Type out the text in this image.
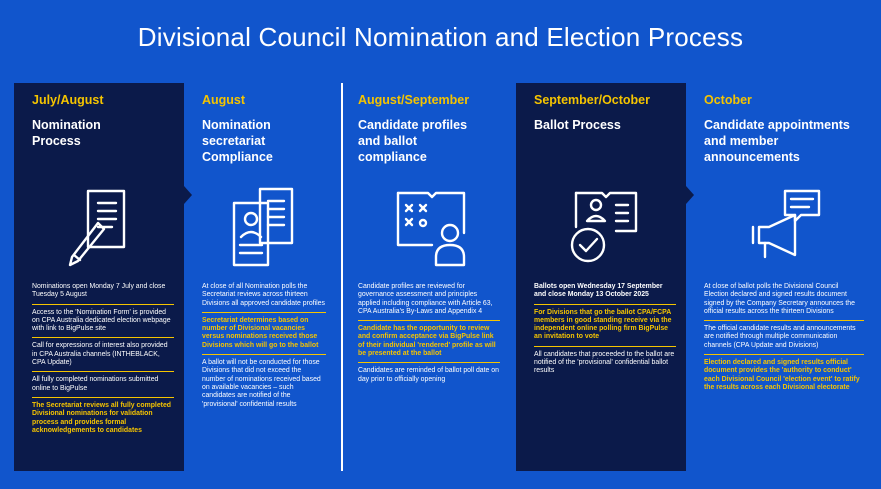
Divisional Council Nomination and Election Process
July/August
Nomination Process

Nominations open Monday 7 July and close Tuesday 5 August

Access to the 'Nomination Form' is provided on CPA Australia dedicated election webpage with link to BigPulse site

Call for expressions of interest also provided in CPA Australia channels (INTHEBLACK, CPA Update)

All fully completed nominations submitted online to BigPulse

The Secretariat reviews all fully completed Divisional nominations for validation process and provides formal acknowledgements to candidates

August
Nomination secretariat Compliance

At close of all Nomination polls the Secretariat reviews across thirteen Divisions all approved candidate profiles

Secretariat determines based on number of Divisional vacancies versus nominations received those Divisions which will go to the ballot

A ballot will not be conducted for those Divisions that did not exceed the number of nominations received based on available vacancies – such candidates are notified of the 'provisional' confidential results

August/September
Candidate profiles and ballot compliance

Candidate profiles are reviewed for governance assessment and principles applied including compliance with Article 63, CPA Australia's By-Laws and Appendix 4

Candidate has the opportunity to review and confirm acceptance via BigPulse link of their individual 'rendered' profile as will be presented at the ballot

Candidates are reminded of ballot poll date on day prior to officially opening

September/October
Ballot Process

Ballots open Wednesday 17 September and close Monday 13 October 2025

For Divisions that go the ballot CPA/FCPA members in good standing receive via the independent online polling firm BigPulse an invitation to vote

All candidates that proceeded to the ballot are notified of the 'provisional' confidential ballot results

October
Candidate appointments and member announcements

At close of ballot polls the Divisional Council Election declared and signed results document signed by the Company Secretary announces the official results across the thirteen Divisions

The official candidate results and announcements are notified through multiple communication channels (CPA Update and Divisions)

Election declared and signed results official document provides the 'authority to conduct' each Divisional Council 'election event' to ratify the results across each Divisional electorate
